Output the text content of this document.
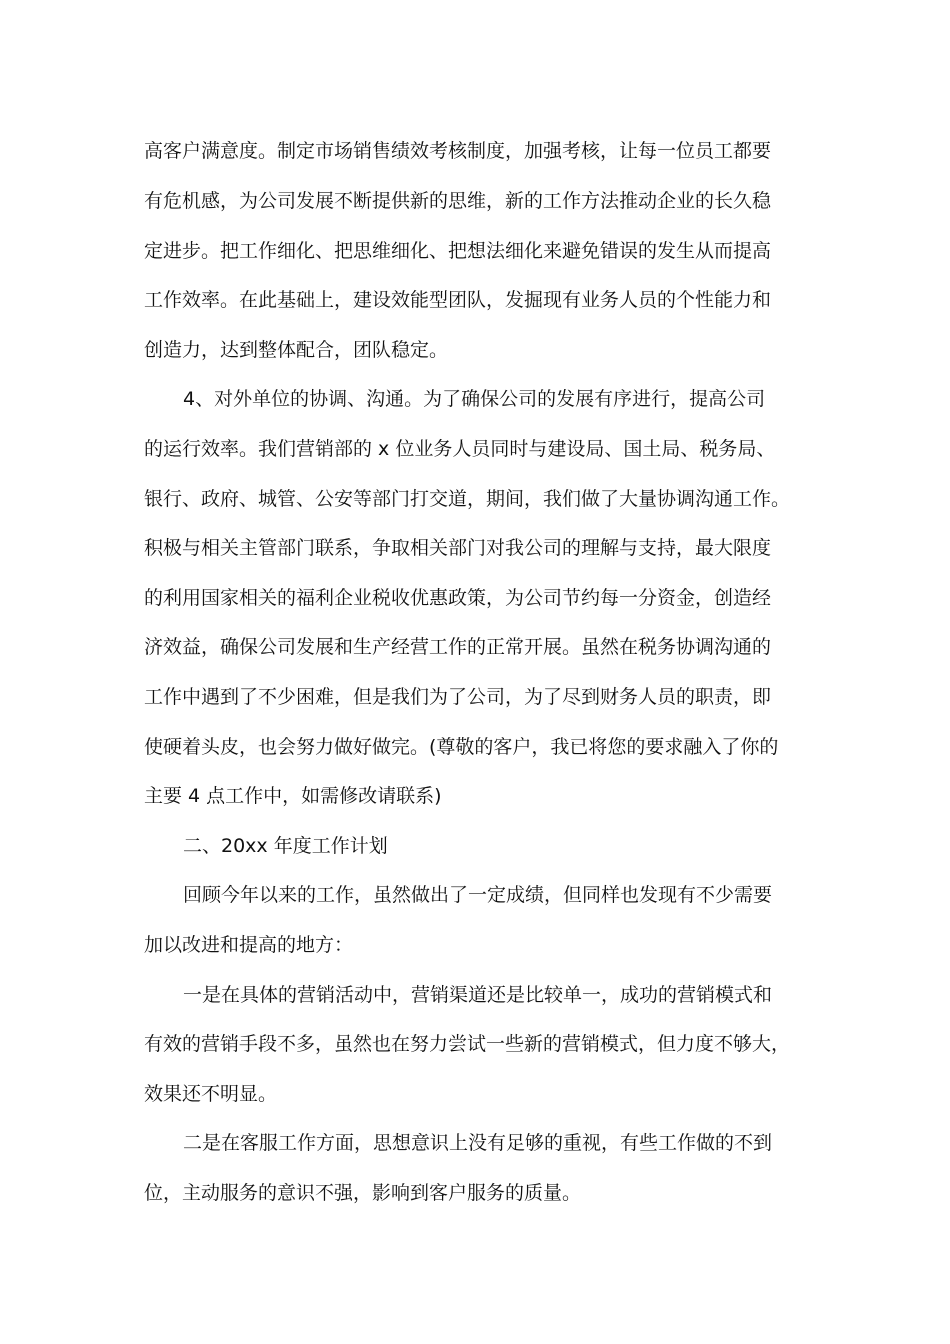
高客户满意度。制定市场销售绩效考核制度，加强考核，让每一位员工都要
有危机感，为公司发展不断提供新的思维，新的工作方法推动企业的长久稳
定进步。把工作细化、把思维细化、把想法细化来避免错误的发生从而提高
工作效率。在此基础上，建设效能型团队，发掘现有业务人员的个性能力和
创造力，达到整体配合，团队稳定。
4、对外单位的协调、沟通。为了确保公司的发展有序进行，提高公司
的运行效率。我们营销部的 x 位业务人员同时与建设局、国土局、税务局、
银行、政府、城管、公安等部门打交道，期间，我们做了大量协调沟通工作。
积极与相关主管部门联系，争取相关部门对我公司的理解与支持，最大限度
的利用国家相关的福利企业税收优惠政策，为公司节约每一分资金，创造经
济效益，确保公司发展和生产经营工作的正常开展。虽然在税务协调沟通的
工作中遇到了不少困难，但是我们为了公司，为了尽到财务人员的职责，即
使硬着头皮，也会努力做好做完。(尊敬的客户，我已将您的要求融入了你的
主要 4 点工作中，如需修改请联系)
二、20xx 年度工作计划
回顾今年以来的工作，虽然做出了一定成绩，但同样也发现有不少需要
加以改进和提高的地方：
一是在具体的营销活动中，营销渠道还是比较单一，成功的营销模式和
有效的营销手段不多，虽然也在努力尝试一些新的营销模式，但力度不够大，
效果还不明显。
二是在客服工作方面，思想意识上没有足够的重视，有些工作做的不到
位，主动服务的意识不强，影响到客户服务的质量。
